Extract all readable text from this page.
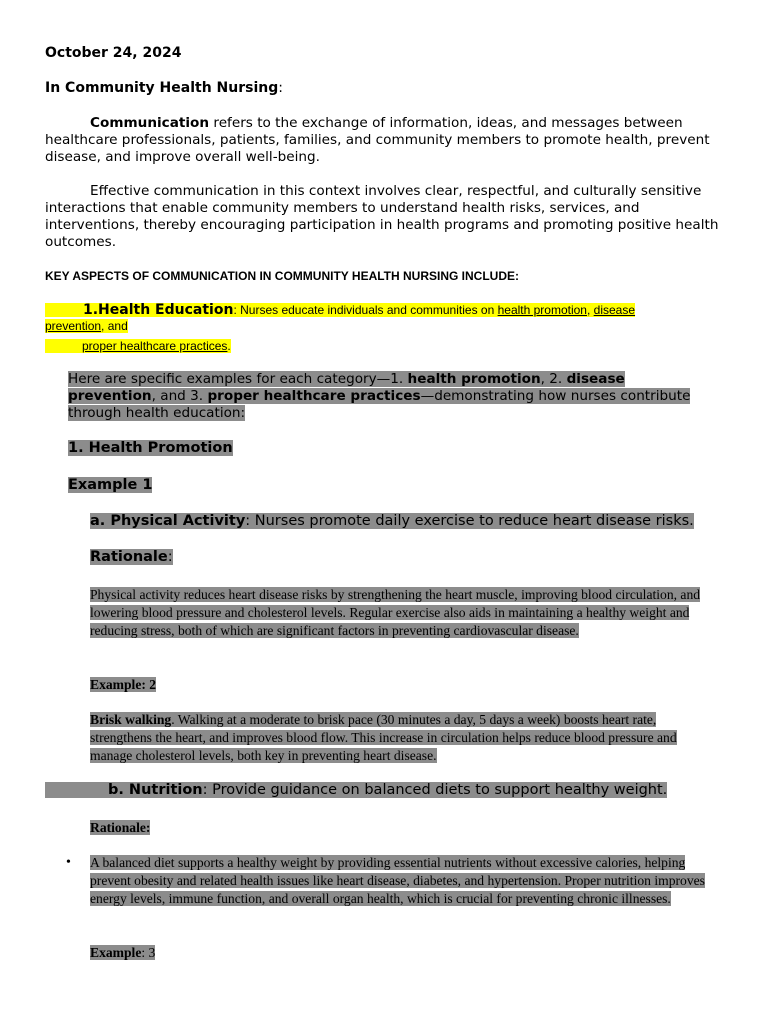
October 24, 2024
In Community Health Nursing:
Communication refers to the exchange of information, ideas, and messages between healthcare professionals, patients, families, and community members to promote health, prevent disease, and improve overall well-being.
Effective communication in this context involves clear, respectful, and culturally sensitive interactions that enable community members to understand health risks, services, and interventions, thereby encouraging participation in health programs and promoting positive health outcomes.
KEY ASPECTS OF COMMUNICATION IN COMMUNITY HEALTH NURSING INCLUDE:
1.Health Education: Nurses educate individuals and communities on health promotion, disease prevention, and
proper healthcare practices.
Here are specific examples for each category—1. health promotion, 2. disease prevention, and 3. proper healthcare practices—demonstrating how nurses contribute through health education:
1. Health Promotion
Example 1
a. Physical Activity: Nurses promote daily exercise to reduce heart disease risks.
Rationale:
Physical activity reduces heart disease risks by strengthening the heart muscle, improving blood circulation, and lowering blood pressure and cholesterol levels. Regular exercise also aids in maintaining a healthy weight and reducing stress, both of which are significant factors in preventing cardiovascular disease.
Example: 2
Brisk walking. Walking at a moderate to brisk pace (30 minutes a day, 5 days a week) boosts heart rate, strengthens the heart, and improves blood flow. This increase in circulation helps reduce blood pressure and manage cholesterol levels, both key in preventing heart disease.
b. Nutrition: Provide guidance on balanced diets to support healthy weight.
Rationale:
• A balanced diet supports a healthy weight by providing essential nutrients without excessive calories, helping prevent obesity and related health issues like heart disease, diabetes, and hypertension. Proper nutrition improves energy levels, immune function, and overall organ health, which is crucial for preventing chronic illnesses.
Example: 3
